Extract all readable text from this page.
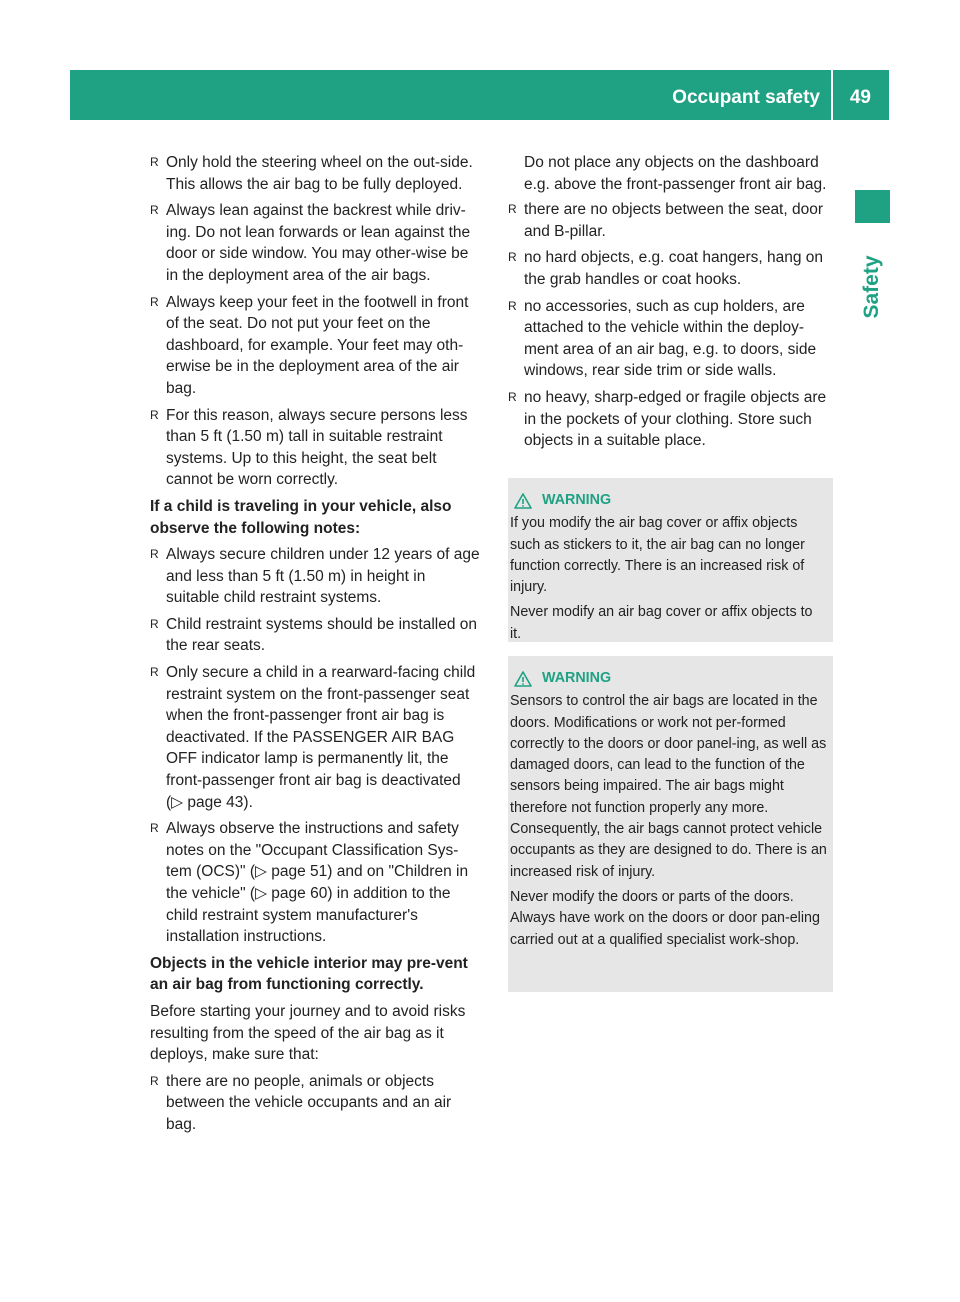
Occupant safety	49
Safety
R Only hold the steering wheel on the out-side. This allows the air bag to be fully deployed.
R Always lean against the backrest while driv-ing. Do not lean forwards or lean against the door or side window. You may other-wise be in the deployment area of the air bags.
R Always keep your feet in the footwell in front of the seat. Do not put your feet on the dashboard, for example. Your feet may oth-erwise be in the deployment area of the air bag.
R For this reason, always secure persons less than 5 ft (1.50 m) tall in suitable restraint systems. Up to this height, the seat belt cannot be worn correctly.
If a child is traveling in your vehicle, also observe the following notes:
R Always secure children under 12 years of age and less than 5 ft (1.50 m) in height in suitable child restraint systems.
R Child restraint systems should be installed on the rear seats.
R Only secure a child in a rearward-facing child restraint system on the front-passenger seat when the front-passenger front air bag is deactivated. If the PASSENGER AIR BAG OFF indicator lamp is permanently lit, the front-passenger front air bag is deactivated (▷ page 43).
R Always observe the instructions and safety notes on the "Occupant Classification Sys-tem (OCS)" (▷ page 51) and on "Children in the vehicle" (▷ page 60) in addition to the child restraint system manufacturer's installation instructions.
Objects in the vehicle interior may pre-vent an air bag from functioning correctly.
Before starting your journey and to avoid risks resulting from the speed of the air bag as it deploys, make sure that:
R there are no people, animals or objects between the vehicle occupants and an air bag.
Do not place any objects on the dashboard e.g. above the front-passenger front air bag.
R there are no objects between the seat, door and B-pillar.
R no hard objects, e.g. coat hangers, hang on the grab handles or coat hooks.
R no accessories, such as cup holders, are attached to the vehicle within the deploy-ment area of an air bag, e.g. to doors, side windows, rear side trim or side walls.
R no heavy, sharp-edged or fragile objects are in the pockets of your clothing. Store such objects in a suitable place.
WARNING
If you modify the air bag cover or affix objects such as stickers to it, the air bag can no longer function correctly. There is an increased risk of injury.
Never modify an air bag cover or affix objects to it.
WARNING
Sensors to control the air bags are located in the doors. Modifications or work not per-formed correctly to the doors or door panel-ing, as well as damaged doors, can lead to the function of the sensors being impaired. The air bags might therefore not function properly any more. Consequently, the air bags cannot protect vehicle occupants as they are designed to do. There is an increased risk of injury.
Never modify the doors or parts of the doors. Always have work on the doors or door pan-eling carried out at a qualified specialist work-shop.
